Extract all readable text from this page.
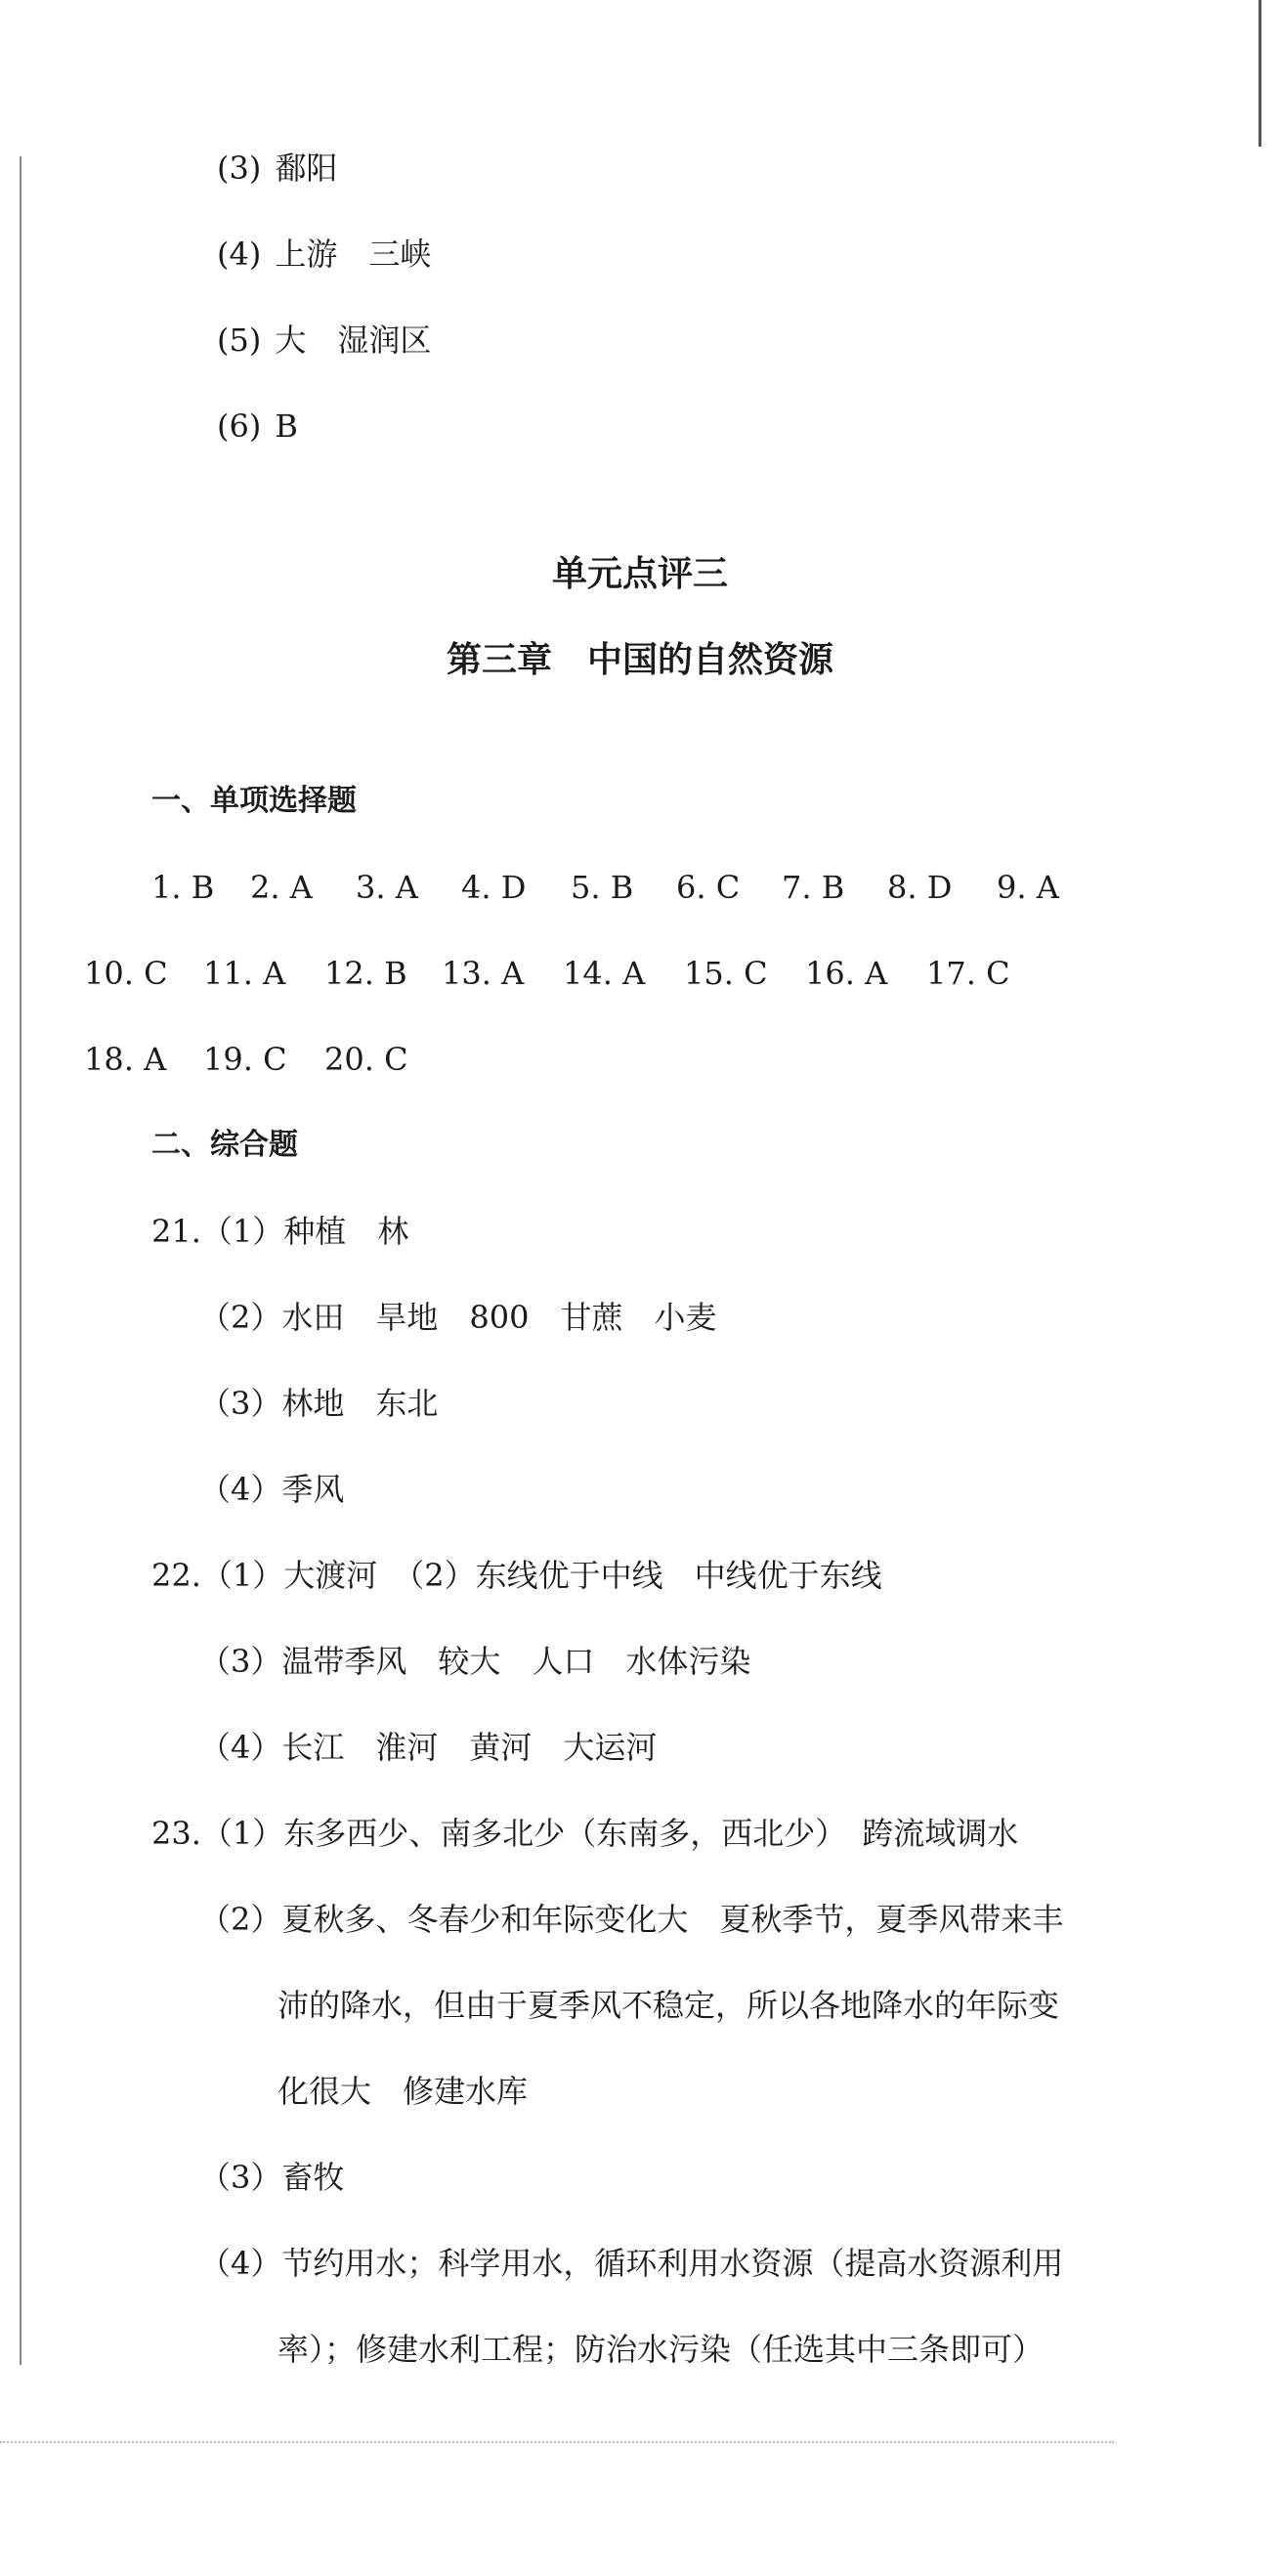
(3) 鄱阳
(4) 上游　三峡
(5) 大　湿润区
(6) B
单元点评三
第三章　中国的自然资源
一、单项选择题
1. B 2. A 3. A 4. D 5. B 6. C 7. B 8. D 9. A
10. C 11. A 12. B 13. A 14. A 15. C 16. A 17. C
18. A 19. C 20. C
二、综合题
21.（1）种植　林
（2）水田　旱地　800　甘蔗　小麦
（3）林地　东北
（4）季风
22.（1）大渡河　（2）东线优于中线　中线优于东线
（3）温带季风　较大　人口　水体污染
（4）长江　淮河　黄河　大运河
23.（1）东多西少、南多北少（东南多，西北少）　跨流域调水
（2）夏秋多、冬春少和年际变化大　夏秋季节，夏季风带来丰
沛的降水，但由于夏季风不稳定，所以各地降水的年际变
化很大　修建水库
（3）畜牧
（4）节约用水；科学用水，循环利用水资源（提高水资源利用
率）；修建水利工程；防治水污染（任选其中三条即可）
